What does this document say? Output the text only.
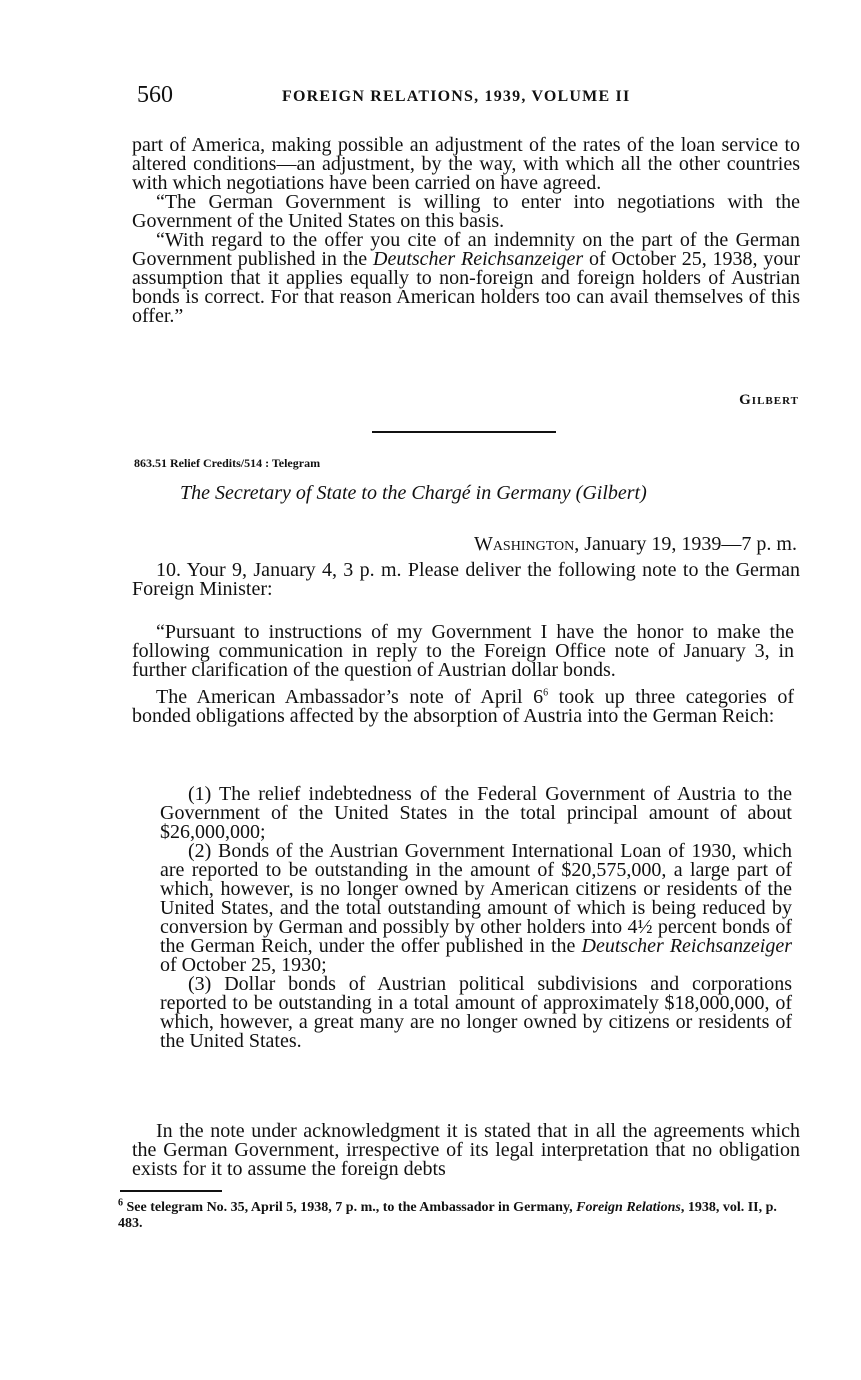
560	FOREIGN RELATIONS, 1939, VOLUME II

part of America, making possible an adjustment of the rates of the loan service to altered conditions—an adjustment, by the way, with which all the other countries with which negotiations have been carried on have agreed.

“The German Government is willing to enter into negotiations with the Government of the United States on this basis.

“With regard to the offer you cite of an indemnity on the part of the German Government published in the Deutscher Reichsanzeiger of October 25, 1938, your assumption that it applies equally to non-foreign and foreign holders of Austrian bonds is correct. For that reason American holders too can avail themselves of this offer.”

Gilbert
863.51 Relief Credits/514 : Telegram
The Secretary of State to the Chargé in Germany (Gilbert)
Washington, January 19, 1939—7 p. m.

10. Your 9, January 4, 3 p. m. Please deliver the following note to the German Foreign Minister:

“Pursuant to instructions of my Government I have the honor to make the following communication in reply to the Foreign Office note of January 3, in further clarification of the question of Austrian dollar bonds.

The American Ambassador’s note of April $6^6$ took up three categories of bonded obligations affected by the absorption of Austria into the German Reich:

(1) The relief indebtedness of the Federal Government of Austria to the Government of the United States in the total principal amount of about $26,000,000;

(2) Bonds of the Austrian Government International Loan of 1930, which are reported to be outstanding in the amount of $20,575,000, a large part of which, however, is no longer owned by American citizens or residents of the United States, and the total outstanding amount of which is being reduced by conversion by German and possibly by other holders into 4½ percent bonds of the German Reich, under the offer published in the Deutscher Reichsanzeiger of October 25, 1930;

(3) Dollar bonds of Austrian political subdivisions and corporations reported to be outstanding in a total amount of approximately $18,000,000, of which, however, a great many are no longer owned by citizens or residents of the United States.

In the note under acknowledgment it is stated that in all the agreements which the German Government, irrespective of its legal interpretation that no obligation exists for it to assume the foreign debts

$^6$ See telegram No. 35, April 5, 1938, 7 p. m., to the Ambassador in Germany, Foreign Relations, 1938, vol. II, p. 483.
